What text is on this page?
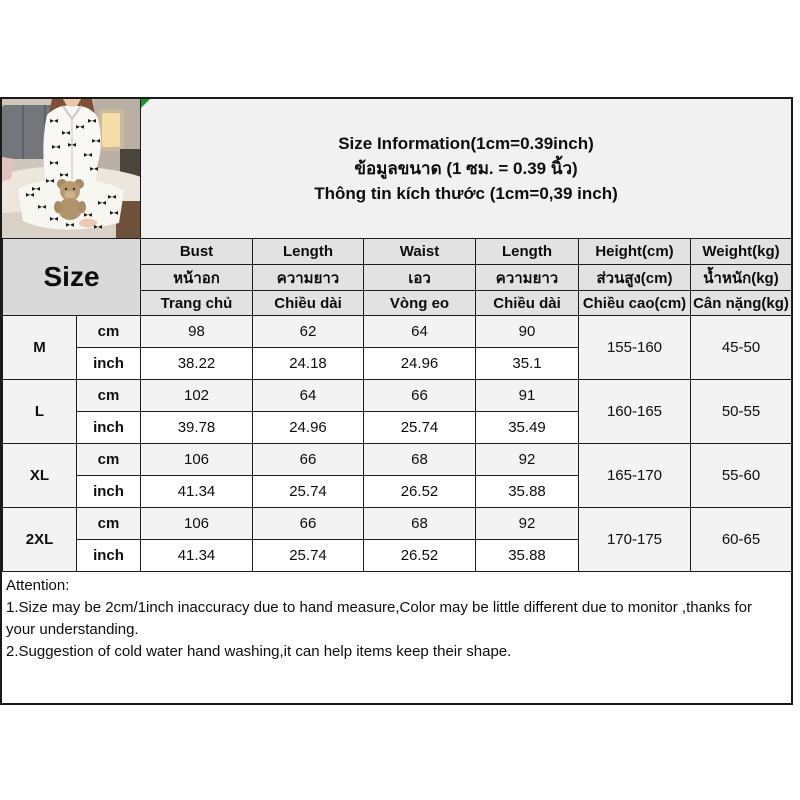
Size Information(1cm=0.39inch)
ข้อมูลขนาด (1 ซม. = 0.39 นิ้ว)
Thông tin kích thước (1cm=0,39 inch)
Size		Bust	Length	Waist	Length	Height(cm)	Weight(kg)
		หน้าอก	ความยาว	เอว	ความยาว	ส่วนสูง(cm)	น้ำหนัก(kg)
		Trang chủ	Chiều dài	Vòng eo	Chiều dài	Chiều cao(cm)	Cân nặng(kg)
M	cm	98	62	64	90	155-160	45-50
	inch	38.22	24.18	24.96	35.1		
L	cm	102	64	66	91	160-165	50-55
	inch	39.78	24.96	25.74	35.49		
XL	cm	106	66	68	92	165-170	55-60
	inch	41.34	25.74	26.52	35.88		
2XL	cm	106	66	68	92	170-175	60-65
	inch	41.34	25.74	26.52	35.88		

Attention:

1.Size may be 2cm/1inch inaccuracy due to hand measure,Color may be little different due to monitor ,thanks for your understanding.

2.Suggestion of cold water hand washing,it can help items keep their shape.
